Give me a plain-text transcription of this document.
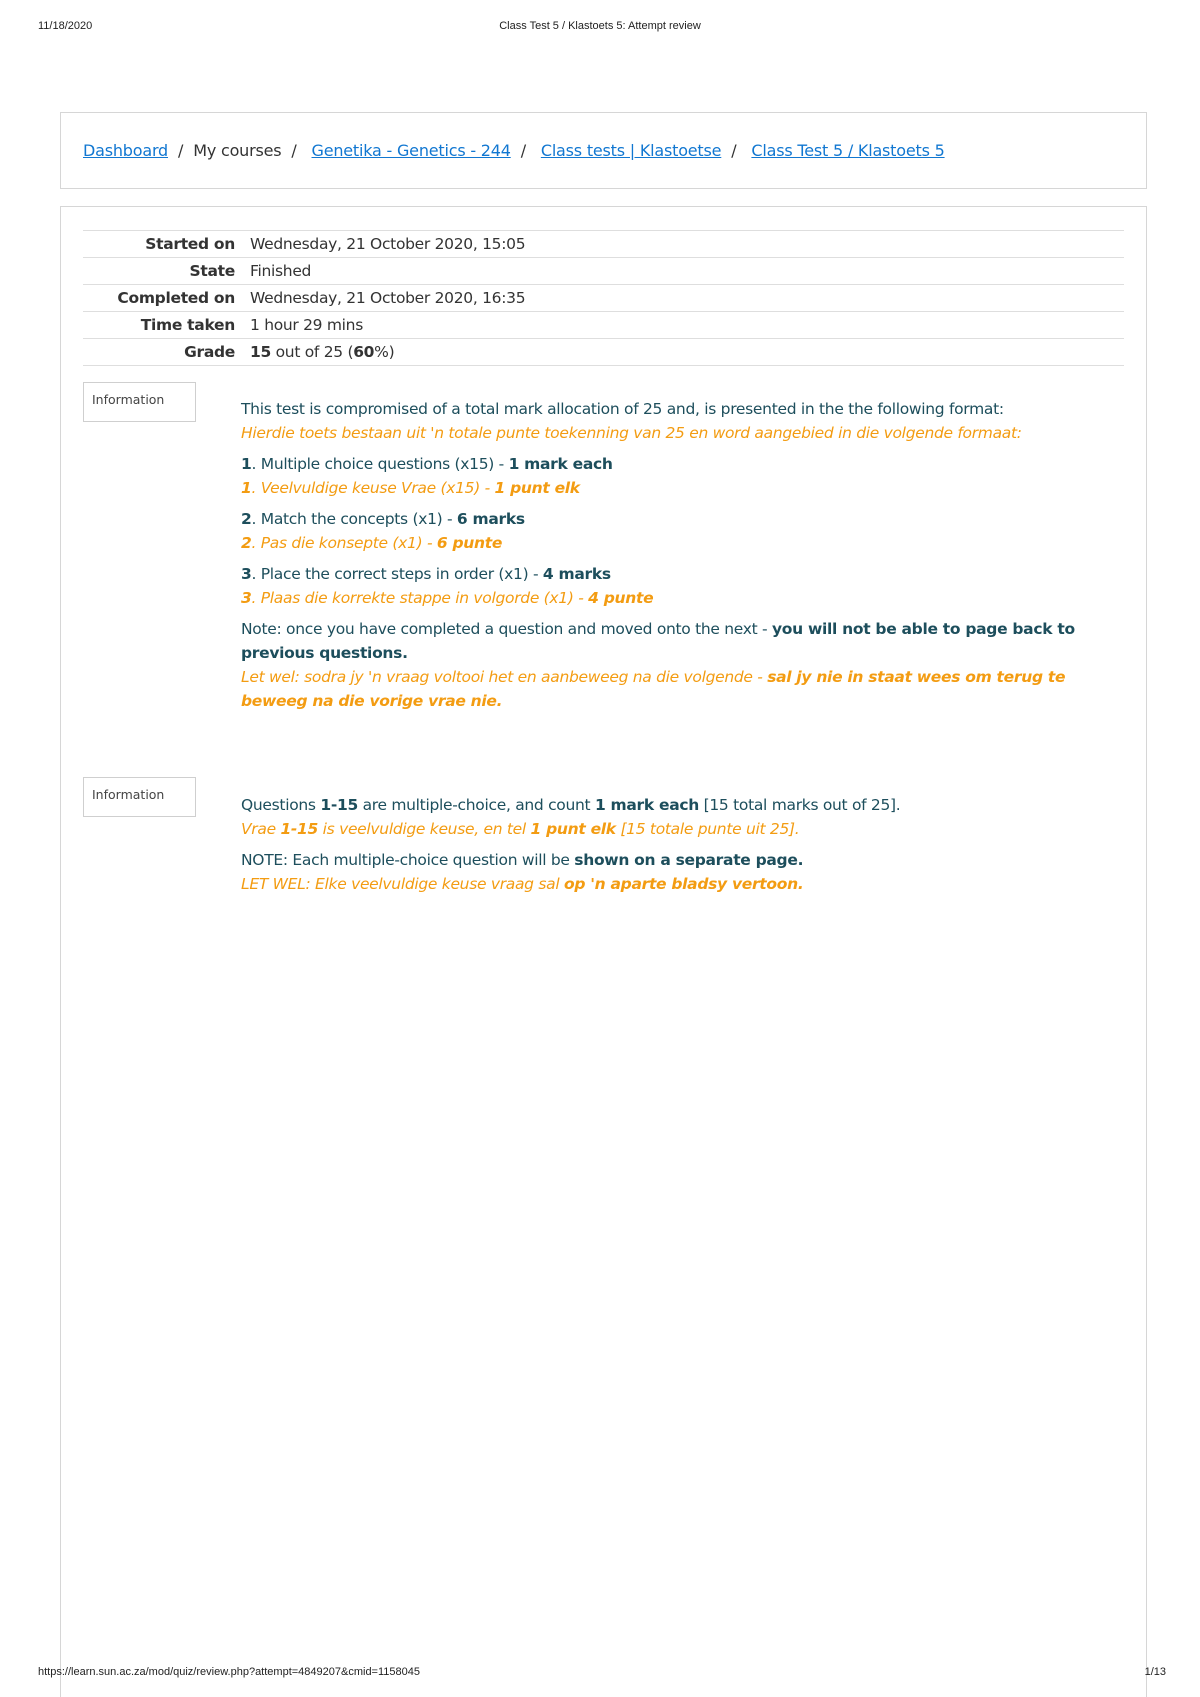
11/18/2020	Class Test 5 / Klastoets 5: Attempt review
Dashboard / My courses / Genetika - Genetics - 244 / Class tests | Klastoetse / Class Test 5 / Klastoets 5
Started on	Wednesday, 21 October 2020, 15:05
State	Finished
Completed on	Wednesday, 21 October 2020, 16:35
Time taken	1 hour 29 mins
Grade	15 out of 25 (60%)
Information
This test is compromised of a total mark allocation of 25 and, is presented in the the following format:
Hierdie toets bestaan uit 'n totale punte toekenning van 25 en word aangebied in die volgende formaat:
1. Multiple choice questions (x15) - 1 mark each
1. Veelvuldige keuse Vrae (x15) - 1 punt elk
2. Match the concepts (x1) - 6 marks
2. Pas die konsepte (x1) - 6 punte
3. Place the correct steps in order (x1) - 4 marks
3. Plaas die korrekte stappe in volgorde (x1) - 4 punte
Note: once you have completed a question and moved onto the next - you will not be able to page back to previous questions.
Let wel: sodra jy 'n vraag voltooi het en aanbeweeg na die volgende - sal jy nie in staat wees om terug te beweeg na die vorige vrae nie.
Information
Questions 1-15 are multiple-choice, and count 1 mark each [15 total marks out of 25].
Vrae 1-15 is veelvuldige keuse, en tel 1 punt elk [15 totale punte uit 25].
NOTE: Each multiple-choice question will be shown on a separate page.
LET WEL: Elke veelvuldige keuse vraag sal op 'n aparte bladsy vertoon.
https://learn.sun.ac.za/mod/quiz/review.php?attempt=4849207&cmid=1158045	1/13
